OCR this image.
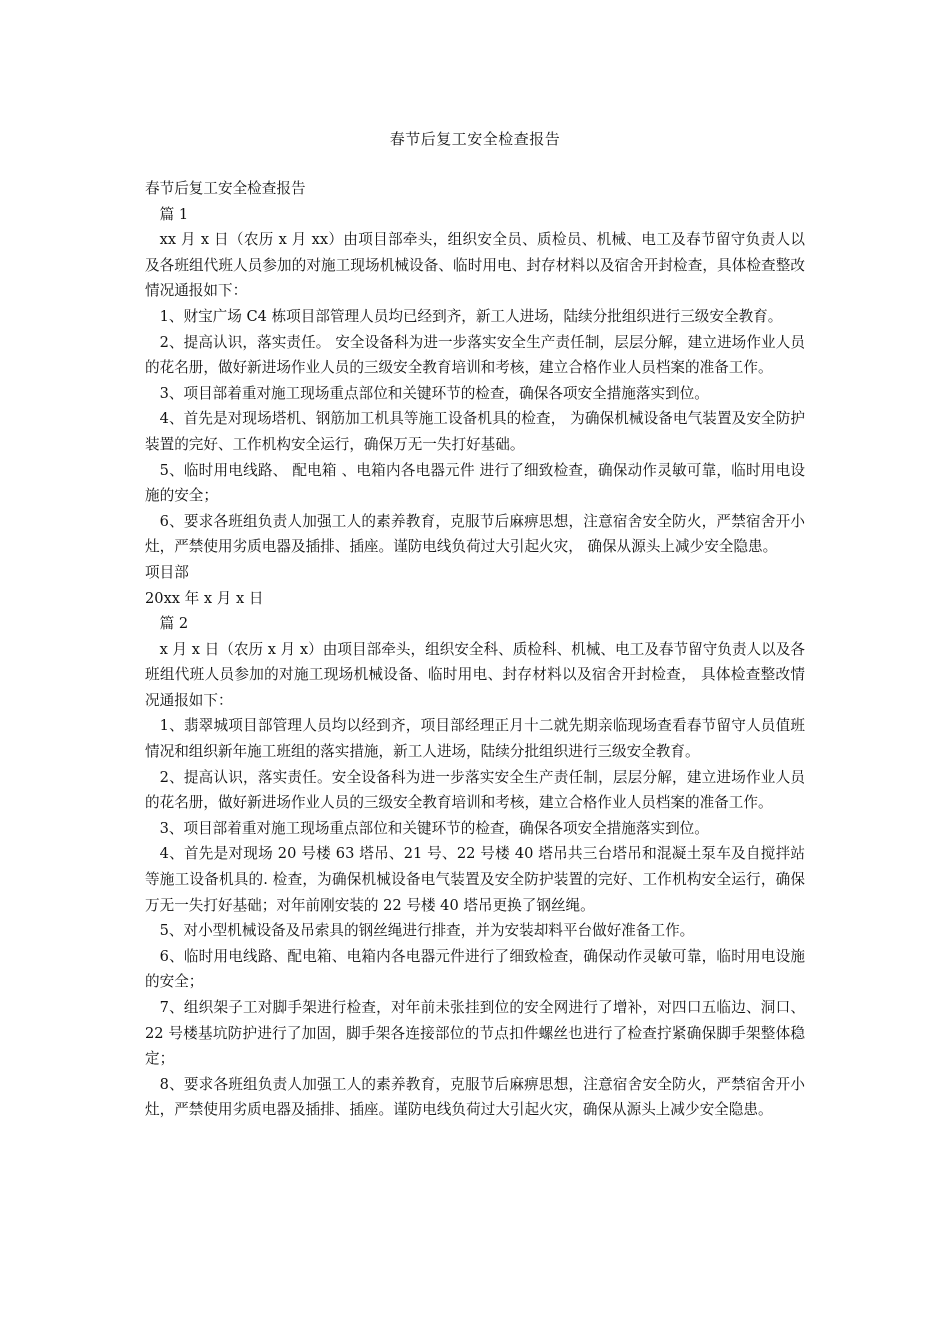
春节后复工安全检查报告

春节后复工安全检查报告

篇 1

xx 月 x 日（农历 x 月 xx）由项目部牵头，组织安全员、质检员、机械、电工及春节留守负责人以及各班组代班人员参加的对施工现场机械设备、临时用电、封存材料以及宿舍开封检查，具体检查整改情况通报如下：

1、财宝广场 C4 栋项目部管理人员均已经到齐，新工人进场，陆续分批组织进行三级安全教育。

2、提高认识，落实责任。 安全设备科为进一步落实安全生产责任制，层层分解，建立进场作业人员的花名册，做好新进场作业人员的三级安全教育培训和考核，建立合格作业人员档案的准备工作。

3、项目部着重对施工现场重点部位和关键环节的检查，确保各项安全措施落实到位。

4、首先是对现场塔机、钢筋加工机具等施工设备机具的检查， 为确保机械设备电气装置及安全防护装置的完好、工作机构安全运行，确保万无一失打好基础。

5、临时用电线路、 配电箱 、电箱内各电器元件 进行了细致检查，确保动作灵敏可靠，临时用电设施的安全；

6、要求各班组负责人加强工人的素养教育，克服节后麻痹思想，注意宿舍安全防火，严禁宿舍开小灶，严禁使用劣质电器及插排、插座。谨防电线负荷过大引起火灾， 确保从源头上减少安全隐患。

项目部

20xx 年 x 月 x 日

篇 2

x 月 x 日（农历 x 月 x）由项目部牵头，组织安全科、质检科、机械、电工及春节留守负责人以及各班组代班人员参加的对施工现场机械设备、临时用电、封存材料以及宿舍开封检查， 具体检查整改情况通报如下：

1、翡翠城项目部管理人员均以经到齐，项目部经理正月十二就先期亲临现场查看春节留守人员值班情况和组织新年施工班组的落实措施，新工人进场，陆续分批组织进行三级安全教育。

2、提高认识，落实责任。安全设备科为进一步落实安全生产责任制，层层分解，建立进场作业人员的花名册，做好新进场作业人员的三级安全教育培训和考核，建立合格作业人员档案的准备工作。

3、项目部着重对施工现场重点部位和关键环节的检查，确保各项安全措施落实到位。

4、首先是对现场 20 号楼 63 塔吊、21 号、22 号楼 40 塔吊共三台塔吊和混凝土泵车及自搅拌站等施工设备机具的. 检查，为确保机械设备电气装置及安全防护装置的完好、工作机构安全运行，确保万无一失打好基础；对年前刚安装的 22 号楼 40 塔吊更换了钢丝绳。

5、对小型机械设备及吊索具的钢丝绳进行排查，并为安装却料平台做好准备工作。

6、临时用电线路、配电箱、电箱内各电器元件进行了细致检查，确保动作灵敏可靠，临时用电设施的安全；

7、组织架子工对脚手架进行检查，对年前未张挂到位的安全网进行了增补，对四口五临边、洞口、22 号楼基坑防护进行了加固，脚手架各连接部位的节点扣件螺丝也进行了检查拧紧确保脚手架整体稳定；

8、要求各班组负责人加强工人的素养教育，克服节后麻痹思想，注意宿舍安全防火，严禁宿舍开小灶，严禁使用劣质电器及插排、插座。谨防电线负荷过大引起火灾，确保从源头上减少安全隐患。
